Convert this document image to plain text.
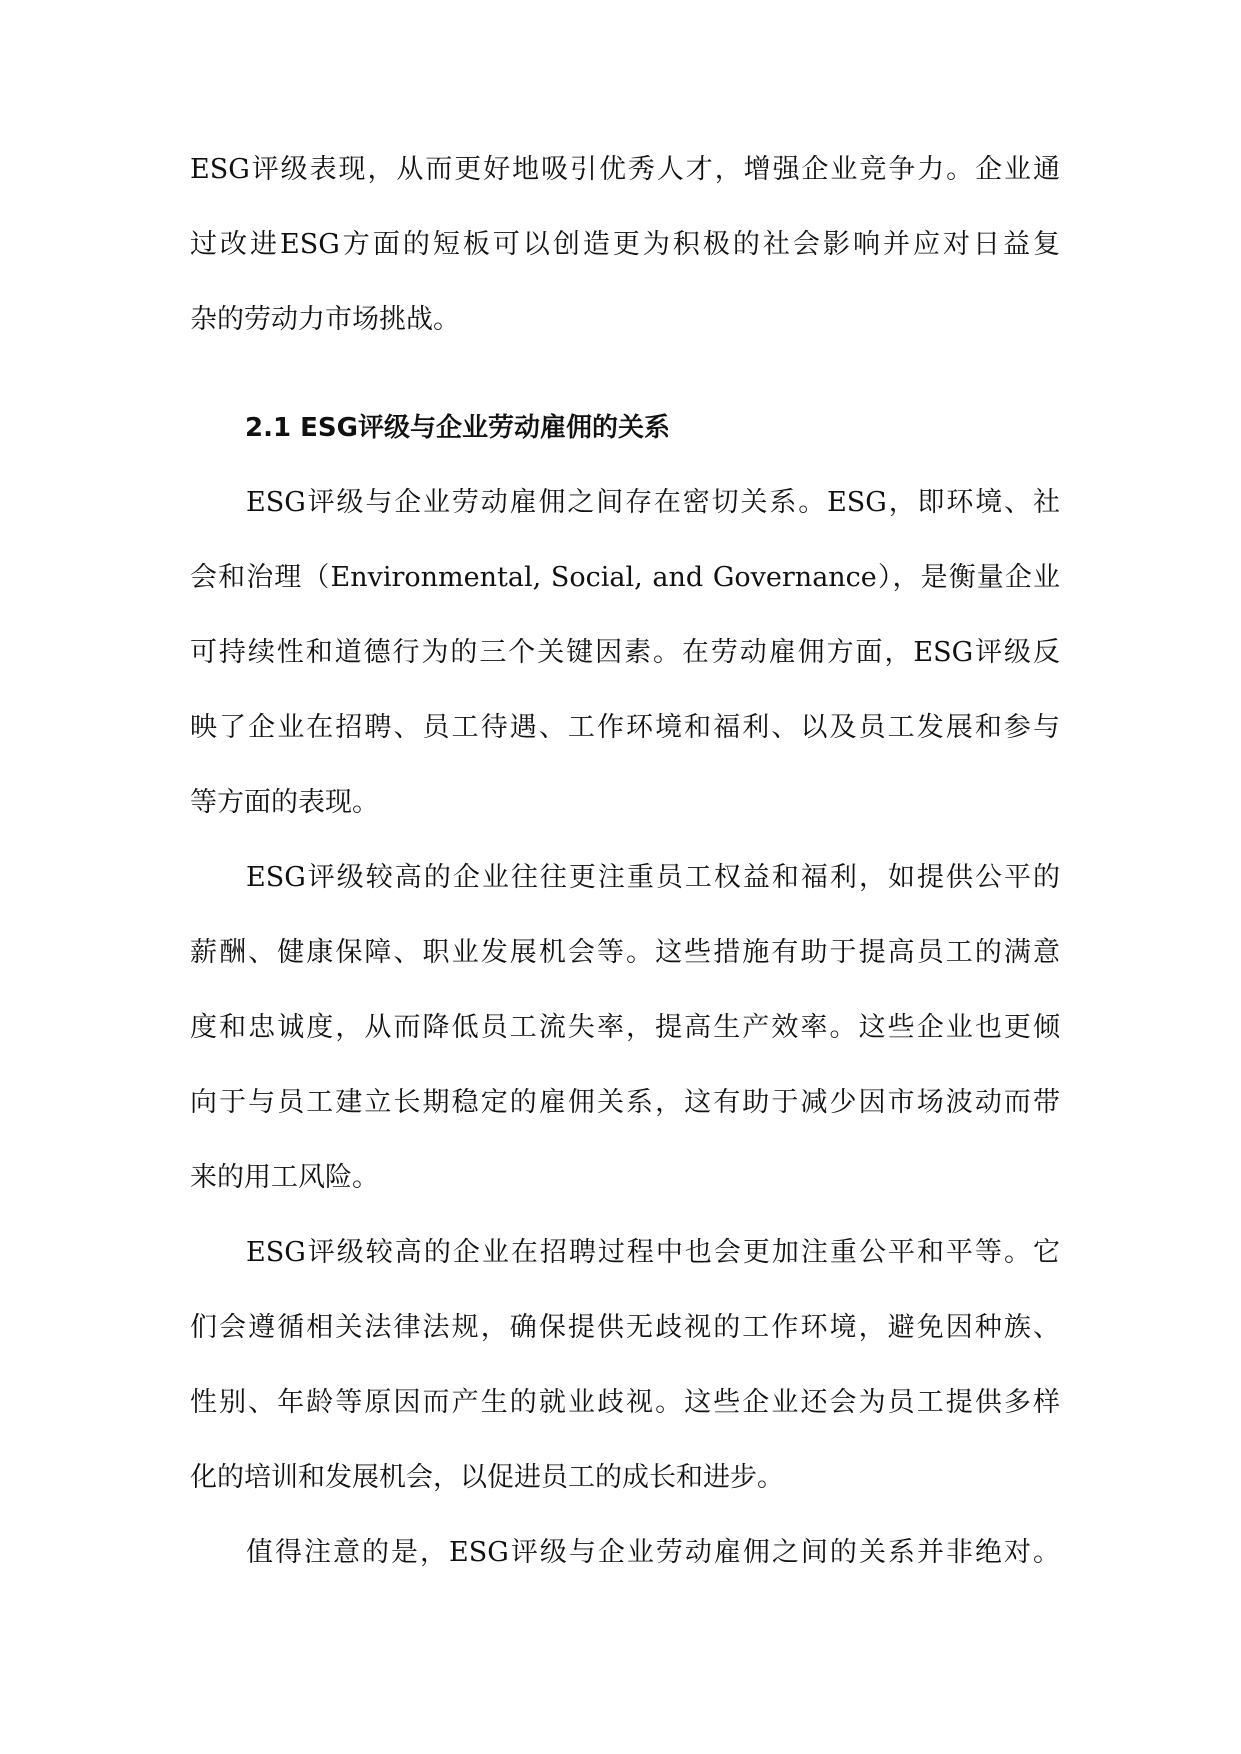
ESG评级表现，从而更好地吸引优秀人才，增强企业竞争力。企业通
过改进ESG方面的短板可以创造更为积极的社会影响并应对日益复
杂的劳动力市场挑战。
2.1 ESG评级与企业劳动雇佣的关系
ESG评级与企业劳动雇佣之间存在密切关系。ESG，即环境、社
会和治理（Environmental, Social, and Governance），是衡量企业
可持续性和道德行为的三个关键因素。在劳动雇佣方面，ESG评级反
映了企业在招聘、员工待遇、工作环境和福利、以及员工发展和参与
等方面的表现。
ESG评级较高的企业往往更注重员工权益和福利，如提供公平的
薪酬、健康保障、职业发展机会等。这些措施有助于提高员工的满意
度和忠诚度，从而降低员工流失率，提高生产效率。这些企业也更倾
向于与员工建立长期稳定的雇佣关系，这有助于减少因市场波动而带
来的用工风险。
ESG评级较高的企业在招聘过程中也会更加注重公平和平等。它
们会遵循相关法律法规，确保提供无歧视的工作环境，避免因种族、
性别、年龄等原因而产生的就业歧视。这些企业还会为员工提供多样
化的培训和发展机会，以促进员工的成长和进步。
值得注意的是，ESG评级与企业劳动雇佣之间的关系并非绝对。
